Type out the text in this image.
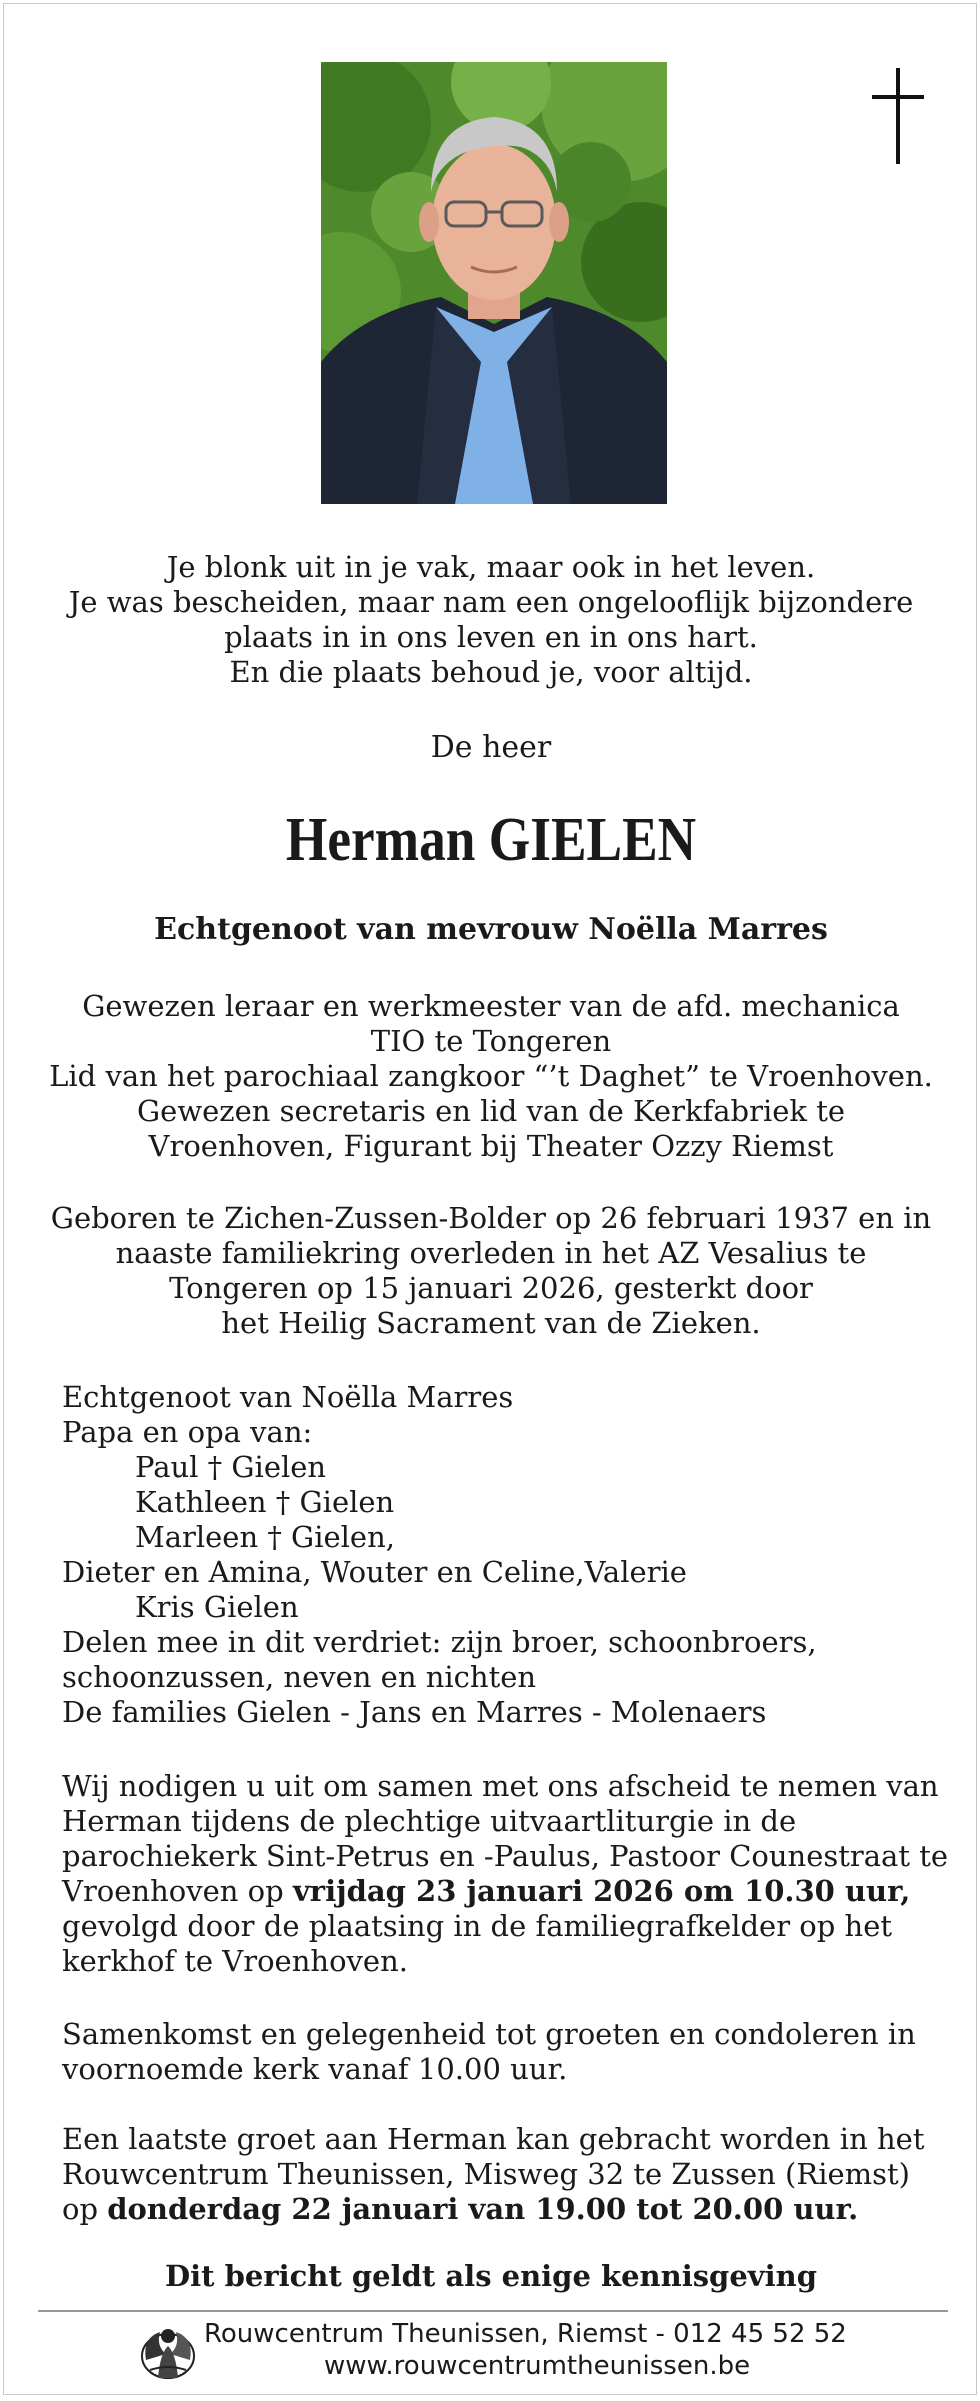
Je blonk uit in je vak, maar ook in het leven.
Je was bescheiden, maar nam een ongelooflijk bijzondere
plaats in in ons leven en in ons hart.
En die plaats behoud je, voor altijd.
De heer
Herman GIELEN
Echtgenoot van mevrouw Noëlla Marres
Gewezen leraar en werkmeester van de afd. mechanica
TIO te Tongeren
Lid van het parochiaal zangkoor “’t Daghet” te Vroenhoven.
Gewezen secretaris en lid van de Kerkfabriek te
Vroenhoven, Figurant bij Theater Ozzy Riemst
Geboren te Zichen-Zussen-Bolder op 26 februari 1937 en in
naaste familiekring overleden in het AZ Vesalius te
Tongeren op 15 januari 2026, gesterkt door
het Heilig Sacrament van de Zieken.
Echtgenoot van Noëlla Marres
Papa en opa van:
Paul † Gielen
Kathleen † Gielen
Marleen † Gielen,
Dieter en Amina, Wouter en Celine,Valerie
Kris Gielen
Delen mee in dit verdriet: zijn broer, schoonbroers,
schoonzussen, neven en nichten
De families Gielen - Jans en Marres - Molenaers
Wij nodigen u uit om samen met ons afscheid te nemen van
Herman tijdens de plechtige uitvaartliturgie in de
parochiekerk Sint-Petrus en -Paulus, Pastoor Counestraat te
Vroenhoven op vrijdag 23 januari 2026 om 10.30 uur,
gevolgd door de plaatsing in de familiegrafkelder op het
kerkhof te Vroenhoven.
Samenkomst en gelegenheid tot groeten en condoleren in
voornoemde kerk vanaf 10.00 uur.
Een laatste groet aan Herman kan gebracht worden in het
Rouwcentrum Theunissen, Misweg 32 te Zussen (Riemst)
op donderdag 22 januari van 19.00 tot 20.00 uur.
Dit bericht geldt als enige kennisgeving
Rouwcentrum Theunissen, Riemst - 012 45 52 52
www.rouwcentrumtheunissen.be
